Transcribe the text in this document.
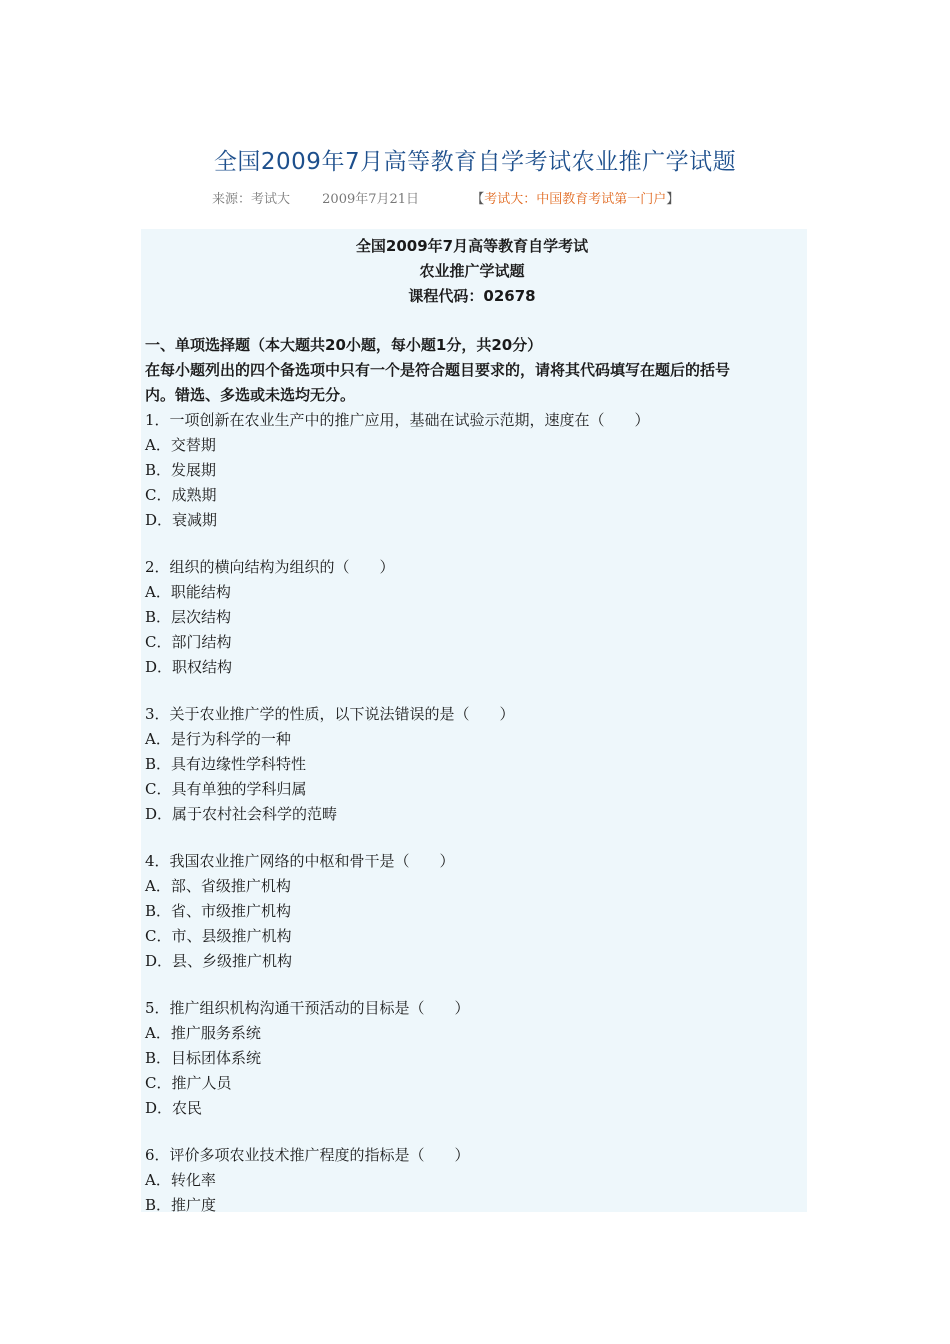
全国2009年7月高等教育自学考试农业推广学试题
来源：考试大 2009年7月21日	【考试大：中国教育考试第一门户】
全国2009年7月高等教育自学考试
农业推广学试题
课程代码：02678
一、单项选择题（本大题共20小题，每小题1分，共20分）
在每小题列出的四个备选项中只有一个是符合题目要求的，请将其代码填写在题后的括号
内。错选、多选或未选均无分。
1．一项创新在农业生产中的推广应用，基础在试验示范期，速度在（　　）
A．交替期
B．发展期
C．成熟期
D．衰减期
2．组织的横向结构为组织的（　　）
A．职能结构
B．层次结构
C．部门结构
D．职权结构
3．关于农业推广学的性质，以下说法错误的是（　　）
A．是行为科学的一种
B．具有边缘性学科特性
C．具有单独的学科归属
D．属于农村社会科学的范畴
4．我国农业推广网络的中枢和骨干是（　　）
A．部、省级推广机构
B．省、市级推广机构
C．市、县级推广机构
D．县、乡级推广机构
5．推广组织机构沟通干预活动的目标是（　　）
A．推广服务系统
B．目标团体系统
C．推广人员
D．农民
6．评价多项农业技术推广程度的指标是（　　）
A．转化率
B．推广度
